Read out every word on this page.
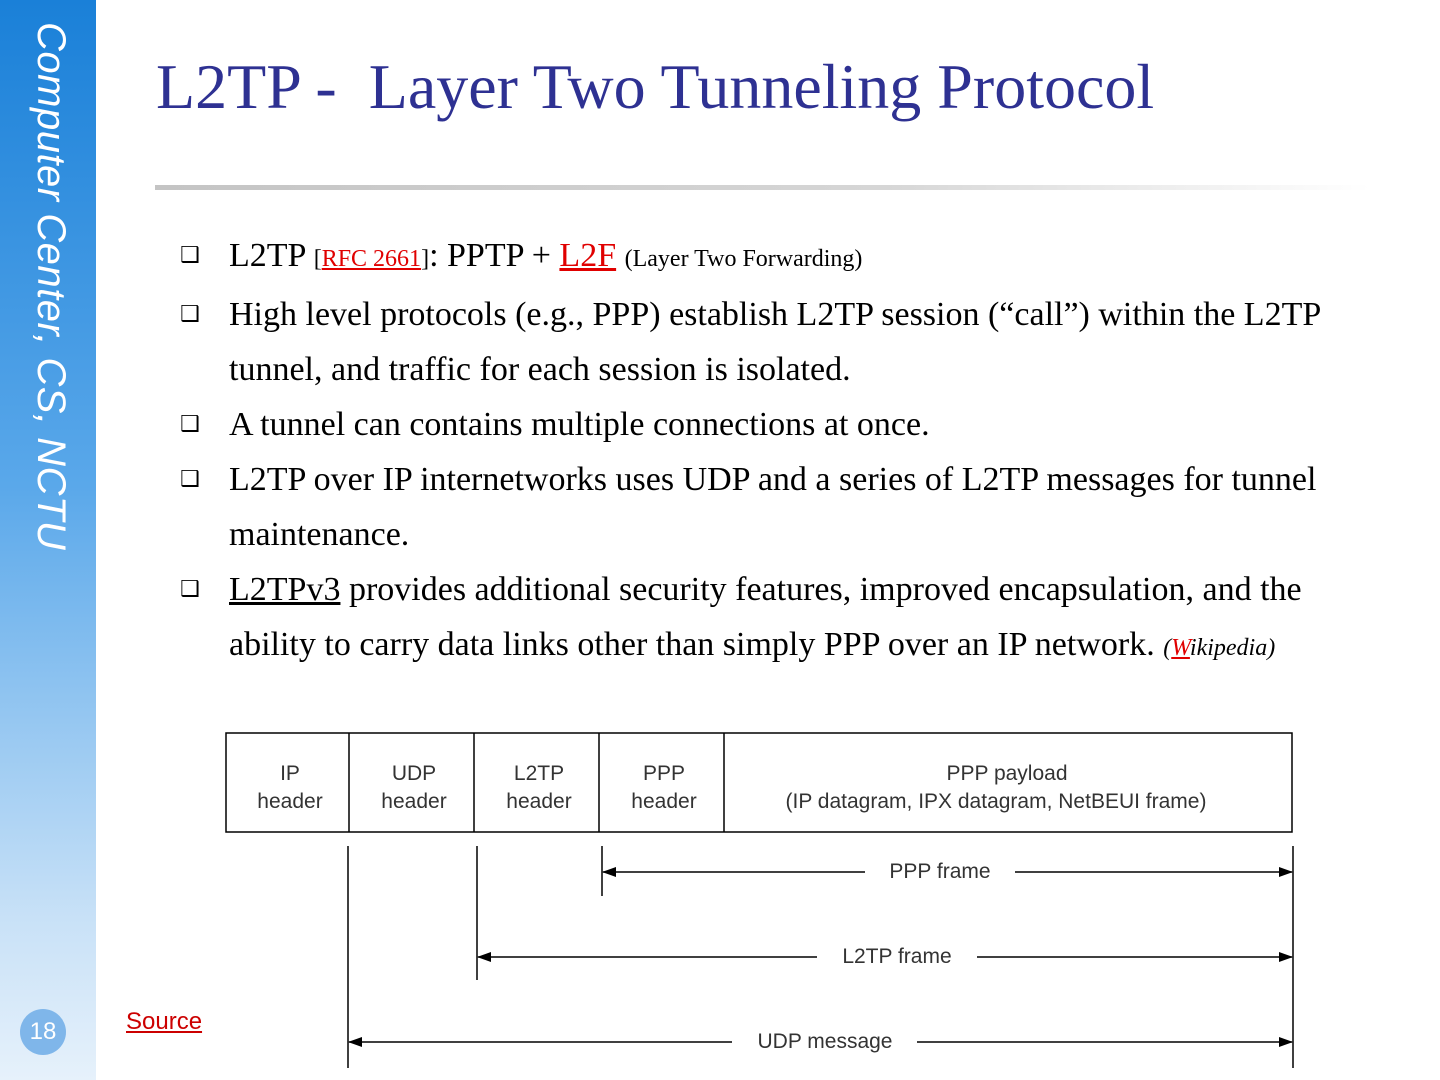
Computer Center, CS, NCTU
18
L2TP -  Layer Two Tunneling Protocol
❑ L2TP [RFC 2661]: PPTP + L2F (Layer Two Forwarding)
❑ High level protocols (e.g., PPP) establish L2TP session (“call”) within the L2TP tunnel, and traffic for each session is isolated.
❑ A tunnel can contains multiple connections at once.
❑ L2TP over IP internetworks uses UDP and a series of L2TP messages for tunnel maintenance.
❑ L2TPv3 provides additional security features, improved encapsulation, and the ability to carry data links other than simply PPP over an IP network. (Wikipedia)
IP
header
UDP
header
L2TP
header
PPP
header
PPP payload
(IP datagram, IPX datagram, NetBEUI frame)
PPP frame
L2TP frame
UDP message
Source
